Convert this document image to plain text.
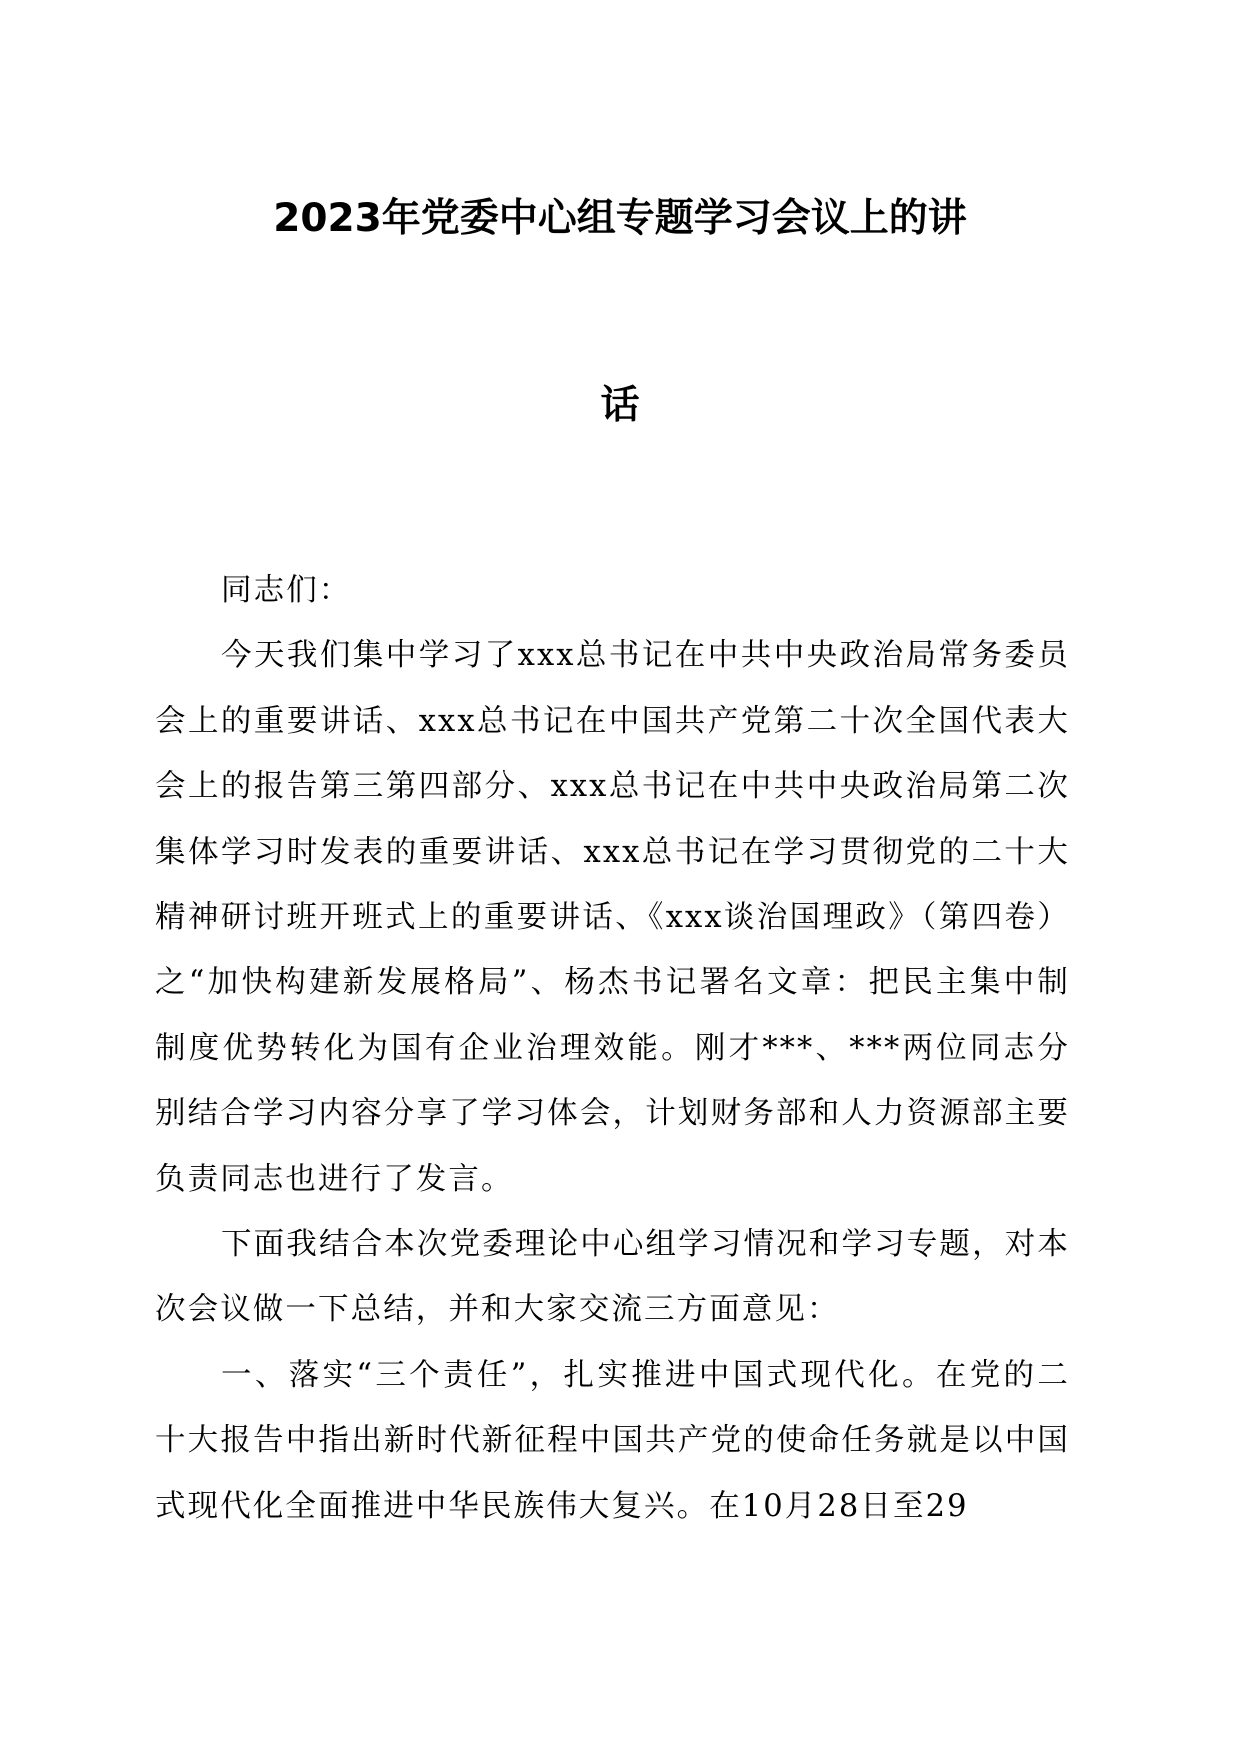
2023年党委中心组专题学习会议上的讲
话

同志们：

今天我们集中学习了xxx总书记在中共中央政治局常务委员会上的重要讲话、xxx总书记在中国共产党第二十次全国代表大会上的报告第三第四部分、xxx总书记在中共中央政治局第二次集体学习时发表的重要讲话、xxx总书记在学习贯彻党的二十大精神研讨班开班式上的重要讲话、《xxx谈治国理政》（第四卷）之“加快构建新发展格局”、杨杰书记署名文章：把民主集中制制度优势转化为国有企业治理效能。刚才***、***两位同志分别结合学习内容分享了学习体会，计划财务部和人力资源部主要负责同志也进行了发言。

下面我结合本次党委理论中心组学习情况和学习专题，对本次会议做一下总结，并和大家交流三方面意见：

一、落实“三个责任”，扎实推进中国式现代化。在党的二十大报告中指出新时代新征程中国共产党的使命任务就是以中国式现代化全面推进中华民族伟大复兴。在10月28日至29
